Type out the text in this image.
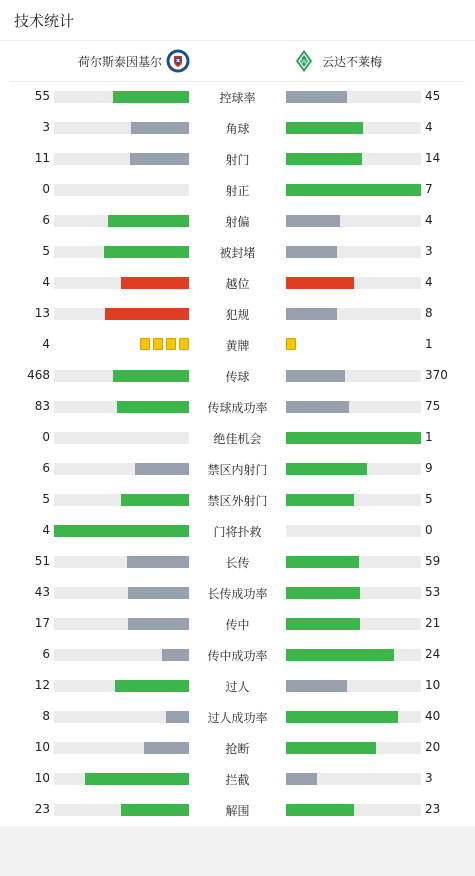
技术统计
荷尔斯泰因基尔	W 云达不莱梅
55	控球率	45
3	角球	4
11	射门	14
0	射正	7
6	射偏	4
5	被封堵	3
4	越位	4
13	犯规	8
4	黄牌	1
468	传球	370
83	传球成功率	75
0	绝佳机会	1
6	禁区内射门	9
5	禁区外射门	5
4	门将扑救	0
51	长传	59
43	长传成功率	53
17	传中	21
6	传中成功率	24
12	过人	10
8	过人成功率	40
10	抢断	20
10	拦截	3
23	解围	23
